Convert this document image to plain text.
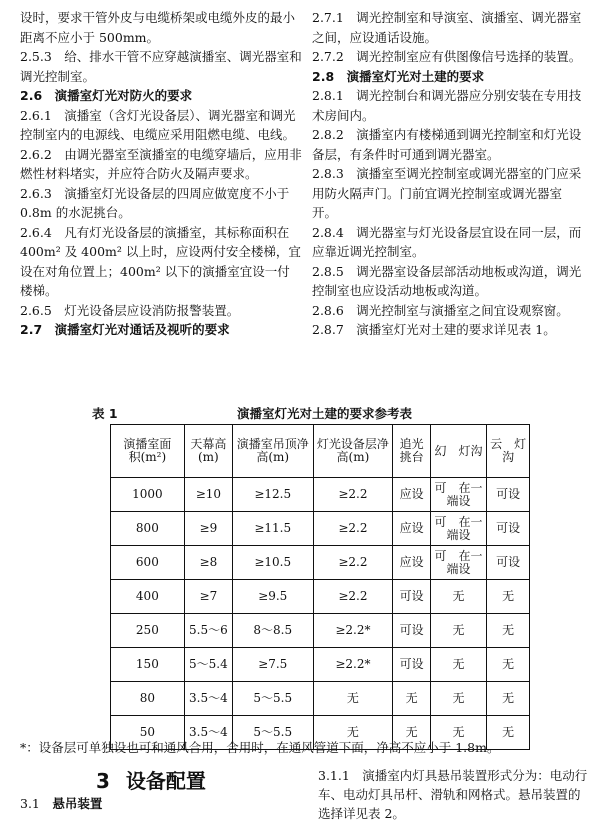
设时，要求干管外皮与电缆桥架或电缆外皮的最小距离不应小于 500mm。

2.5.3　给、排水干管不应穿越演播室、调光器室和调光控制室。

2.6　演播室灯光对防火的要求

2.6.1　演播室（含灯光设备层）、调光器室和调光控制室内的电源线、电缆应采用阻燃电缆、电线。

2.6.2　由调光器室至演播室的电缆穿墙后，应用非燃性材料堵实，并应符合防火及隔声要求。

2.6.3　演播室灯光设备层的四周应做宽度不小于 0.8m 的水泥挑台。

2.6.4　凡有灯光设备层的演播室，其标称面积在 400m² 及 400m² 以上时，应设两付安全楼梯，宜设在对角位置上；400m² 以下的演播室宜设一付楼梯。

2.6.5　灯光设备层应设消防报警装置。

2.7　演播室灯光对通话及视听的要求

2.7.1　调光控制室和导演室、演播室、调光器室之间，应设通话设施。

2.7.2　调光控制室应有供图像信号选择的装置。

2.8　演播室灯光对土建的要求

2.8.1　调光控制台和调光器应分别安装在专用技术房间内。

2.8.2　演播室内有楼梯通到调光控制室和灯光设备层，有条件时可通到调光器室。

2.8.3　演播室至调光控制室或调光器室的门应采用防火隔声门。门前宜调光控制室或调光器室开。

2.8.4　调光器室与灯光设备层宜设在同一层，而应靠近调光控制室。

2.8.5　调光器室设备层部活动地板或沟道，调光控制室也应设活动地板或沟道。

2.8.6　调光控制室与演播室之间宜设观察窗。

2.8.7　演播室灯光对土建的要求详见表 1。

表 1	演播室灯光对土建的要求参考表
演播室面　积(m²)	天幕高(m)	演播室吊顶净高(m)	灯光设备层净高(m)	追光挑台	幻　灯沟	云　灯沟
1000	≥10	≥12.5	≥2.2	应设	可　在一端设	可设
800	≥9	≥11.5	≥2.2	应设	可　在一端设	可设
600	≥8	≥10.5	≥2.2	应设	可　在一端设	可设
400	≥7	≥9.5	≥2.2	可设	无	无
250	5.5～6	8～8.5	≥2.2*	可设	无	无
150	5～5.4	≥7.5	≥2.2*	可设	无	无
80	3.5～4	5～5.5	无	无	无	无
50	3.5～4	5～5.5	无	无	无	无
*：设备层可单独设也可和通风合用，合用时，在通风管道下面，净高不应小于 1.8m。
3 设备配置
3.1　 悬吊装置

3.1.1　演播室内灯具悬吊装置形式分为：电动行车、电动灯具吊杆、滑轨和网格式。悬吊装置的选择详见表 2。
